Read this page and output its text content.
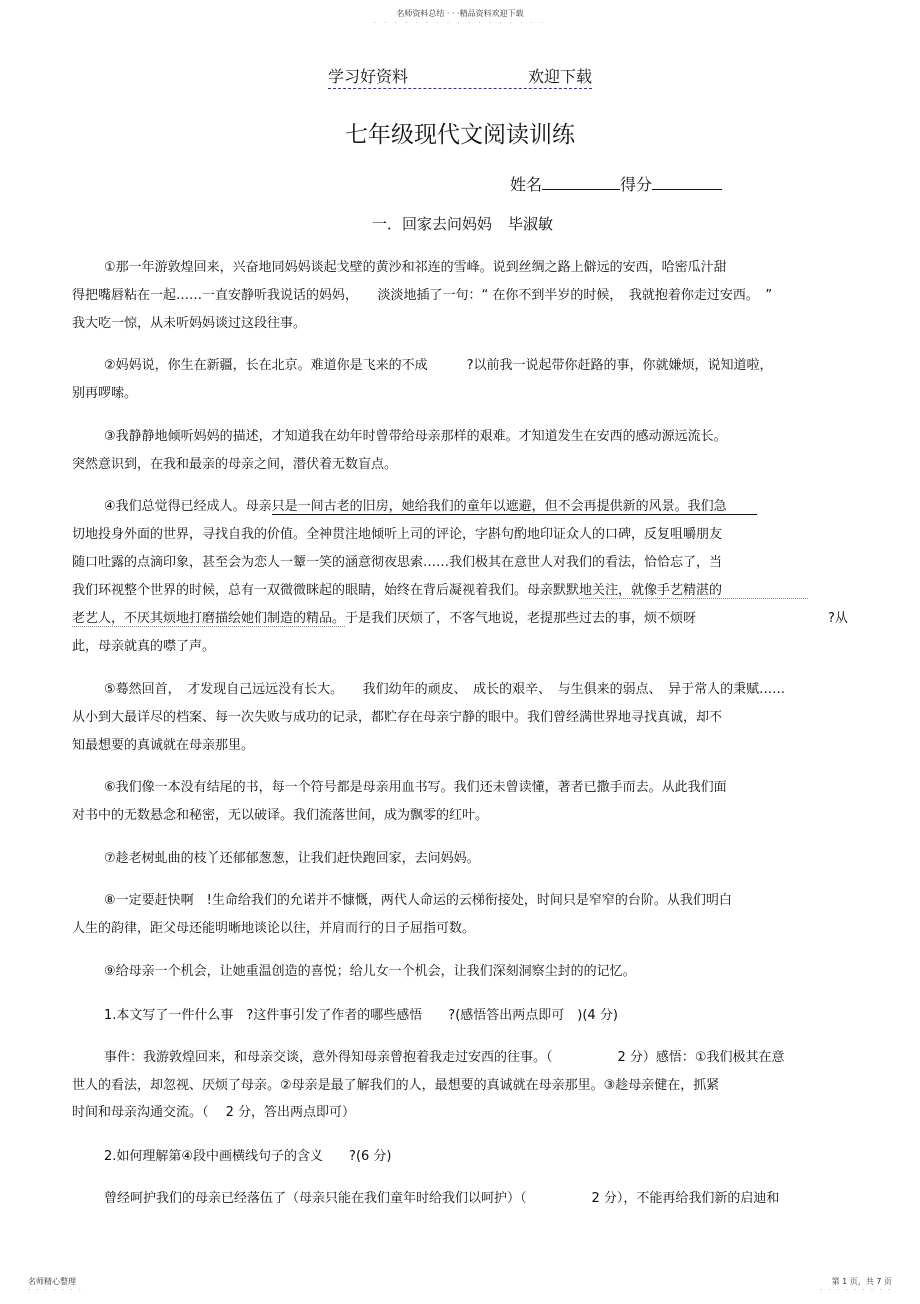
名师资料总结 · · ·精品资料欢迎下载
· · · · · · · · · · · · · · · · ·
学习好资料	欢迎下载
七年级现代文阅读训练
姓名	得分
一．回家去问妈妈 毕淑敏
①那一年游敦煌回来，兴奋地同妈妈谈起戈壁的黄沙和祁连的雪峰。说到丝绸之路上僻远的安西，哈密瓜汁甜
得把嘴唇粘在一起……一直安静听我说话的妈妈，　　淡淡地插了一句：“ 在你不到半岁的时候，　我就抱着你走过安西。　”
我大吃一惊，从未听妈妈谈过这段往事。
②妈妈说，你生在新疆，长在北京。难道你是飞来的不成　　　?以前我一说起带你赶路的事，你就嫌烦，说知道啦，
别再啰嗦。
③我静静地倾听妈妈的描述，才知道我在幼年时曾带给母亲那样的艰难。才知道发生在安西的感动源远流长。
突然意识到，在我和最亲的母亲之间，潜伏着无数盲点。
④我们总觉得已经成人。母亲只是一间古老的旧房，她给我们的童年以遮避，但不会再提供新的风景。我们急
切地投身外面的世界，寻找自我的价值。全神贯注地倾听上司的评论，字斟句酌地印证众人的口碑，反复咀嚼朋友
随口吐露的点滴印象，甚至会为恋人一颦一笑的涵意彻夜思索……我们极其在意世人对我们的看法，恰恰忘了，当
我们环视整个世界的时候，总有一双微微眯起的眼睛，始终在背后凝视着我们。母亲默默地关注，就像手艺精湛的
老艺人，不厌其烦地打磨描绘她们制造的精品。于是我们厌烦了，不客气地说，老提那些过去的事，烦不烦呀	?从
此，母亲就真的噤了声。
⑤蓦然回首，　才发现自己远远没有长大。　　我们幼年的顽皮、　成长的艰辛、　与生俱来的弱点、　异于常人的秉赋……
从小到大最详尽的档案、每一次失败与成功的记录，都贮存在母亲宁静的眼中。我们曾经满世界地寻找真诚，却不
知最想要的真诚就在母亲那里。
⑥我们像一本没有结尾的书，每一个符号都是母亲用血书写。我们还未曾读懂，著者已撒手而去。从此我们面
对书中的无数悬念和秘密，无以破译。我们流落世间，成为飘零的红叶。
⑦趁老树虬曲的枝丫还郁郁葱葱，让我们赶快跑回家，去问妈妈。
⑧一定要赶快啊　!生命给我们的允诺并不慷慨，两代人命运的云梯衔接处，时间只是窄窄的台阶。从我们明白
人生的韵律，距父母还能明晰地谈论以往，并肩而行的日子屈指可数。
⑨给母亲一个机会，让她重温创造的喜悦；给儿女一个机会，让我们深刻洞察尘封的的记忆。
1.本文写了一件什么事　?这件事引发了作者的哪些感悟　　?(感悟答出两点即可　)(4 分)
事件：我游敦煌回来，和母亲交谈，意外得知母亲曾抱着我走过安西的往事。（　　　　　2 分）感悟：①我们极其在意
世人的看法，却忽视、厌烦了母亲。②母亲是最了解我们的人，最想要的真诚就在母亲那里。③趁母亲健在，抓紧
时间和母亲沟通交流。（　 2 分，答出两点即可）
2.如何理解第④段中画横线句子的含义　　?(6 分)
曾经呵护我们的母亲已经落伍了（母亲只能在我们童年时给我们以呵护）（　　　　　2 分），不能再给我们新的启迪和
名师精心整理
· · · · · · ·
第 1 页，共 7 页
· · · · · · · · ·
